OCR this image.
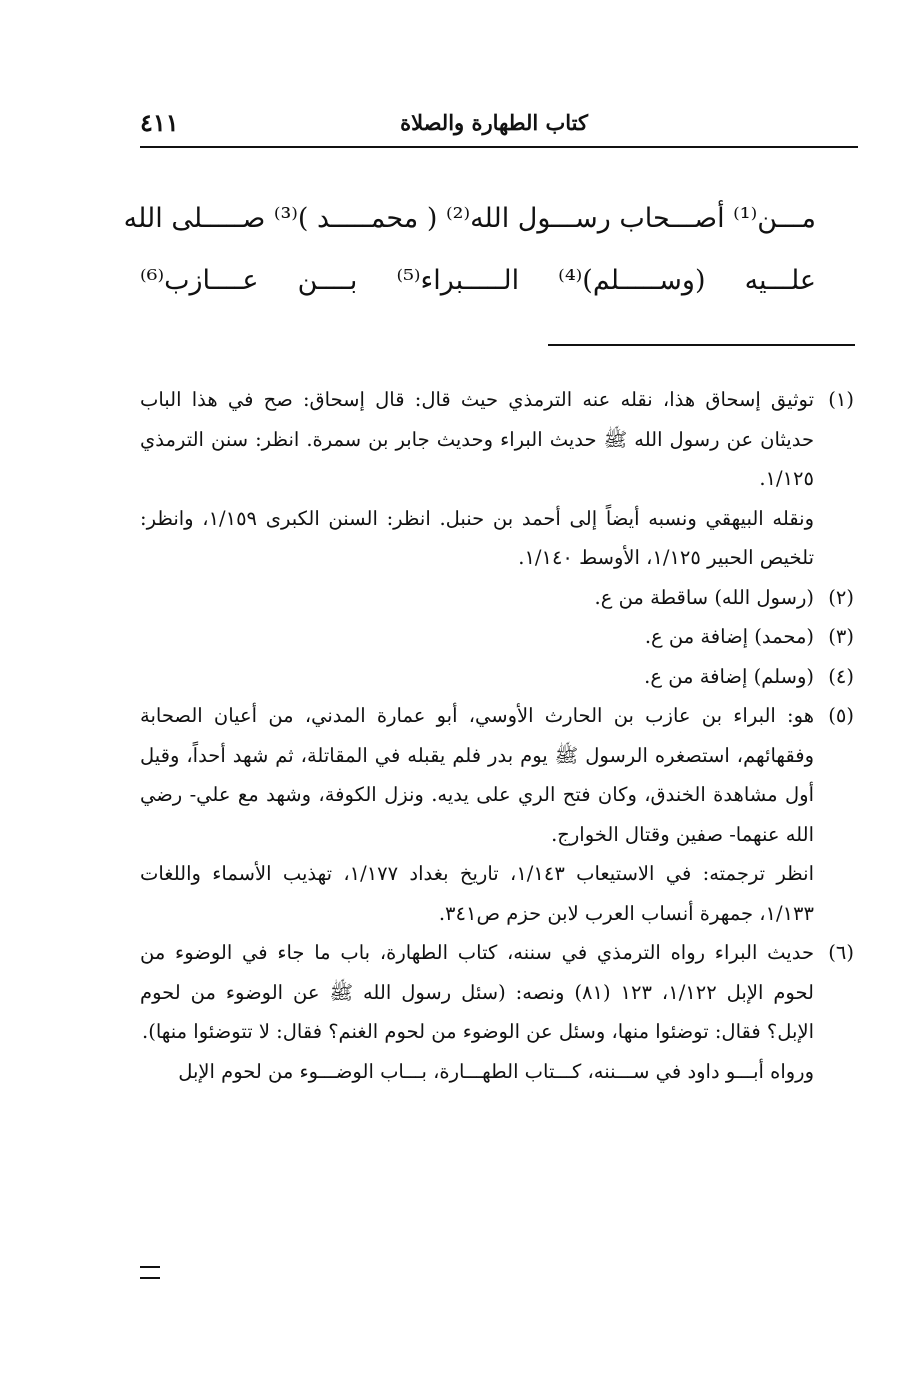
كتاب الطهارة والصلاة
٤١١
مـــن⁽¹⁾ أصـــحاب رســـول الله⁽²⁾ ( محمـــــد )⁽³⁾ صـــــلى الله
علـــيه (وســـــلم)⁽⁴⁾ الـــــبراء⁽⁵⁾ بــــن عــــازب⁽⁶⁾
(١)
توثيق إسحاق هذا، نقله عنه الترمذي حيث قال: قال إسحاق: صح في هذا الباب حديثان عن رسول الله ﷺ حديث البراء وحديث جابر بن سمرة. انظر: سنن الترمذي ١/١٢٥.
ونقله البيهقي ونسبه أيضاً إلى أحمد بن حنبل. انظر: السنن الكبرى ١/١٥٩، وانظر: تلخيص الحبير ١/١٢٥، الأوسط ١/١٤٠.
(٢)
(رسول الله) ساقطة من ع.
(٣)
(محمد) إضافة من ع.
(٤)
(وسلم) إضافة من ع.
(٥)
هو: البراء بن عازب بن الحارث الأوسي، أبو عمارة المدني، من أعيان الصحابة وفقهائهم، استصغره الرسول ﷺ يوم بدر فلم يقبله في المقاتلة، ثم شهد أحداً، وقيل أول مشاهدة الخندق، وكان فتح الري على يديه. ونزل الكوفة، وشهد مع علي- رضي الله عنهما- صفين وقتال الخوارج.
انظر ترجمته: في الاستيعاب ١/١٤٣، تاريخ بغداد ١/١٧٧، تهذيب الأسماء واللغات ١/١٣٣، جمهرة أنساب العرب لابن حزم ص٣٤١.
(٦)
حديث البراء رواه الترمذي في سننه، كتاب الطهارة، باب ما جاء في الوضوء من لحوم الإبل ١/١٢٢، ١٢٣ (٨١) ونصه: (سئل رسول الله ﷺ عن الوضوء من لحوم الإبل؟ فقال: توضئوا منها، وسئل عن الوضوء من لحوم الغنم؟ فقال: لا تتوضئوا منها).
ورواه أبـــو داود في ســـننه، كـــتاب الطهـــارة، بـــاب الوضـــوء من لحوم الإبل
